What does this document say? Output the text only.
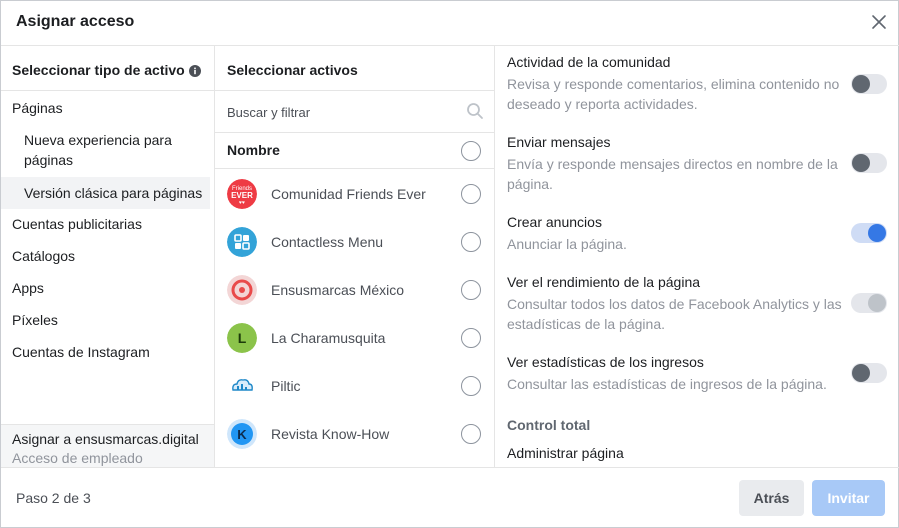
Asignar acceso
Seleccionar tipo de activo
Páginas
Nueva experiencia para páginas
Versión clásica para páginas
Cuentas publicitarias
Catálogos
Apps
Píxeles
Cuentas de Instagram
Asignar a ensusmarcas.digital
Acceso de empleado
Seleccionar activos
Buscar y filtrar
Nombre
Friends
EVER
♥♥
Comunidad Friends Ever
Contactless Menu
Ensusmarcas México
L La Charamusquita
Piltic
K Revista Know-How
Actividad de la comunidad
Revisa y responde comentarios, elimina contenido no deseado y reporta actividades.
Enviar mensajes
Envía y responde mensajes directos en nombre de la página.
Crear anuncios
Anunciar la página.
Ver el rendimiento de la página
Consultar todos los datos de Facebook Analytics y las estadísticas de la página.
Ver estadísticas de los ingresos
Consultar las estadísticas de ingresos de la página.
Control total
Administrar página
Paso 2 de 3	Atrás	Invitar
